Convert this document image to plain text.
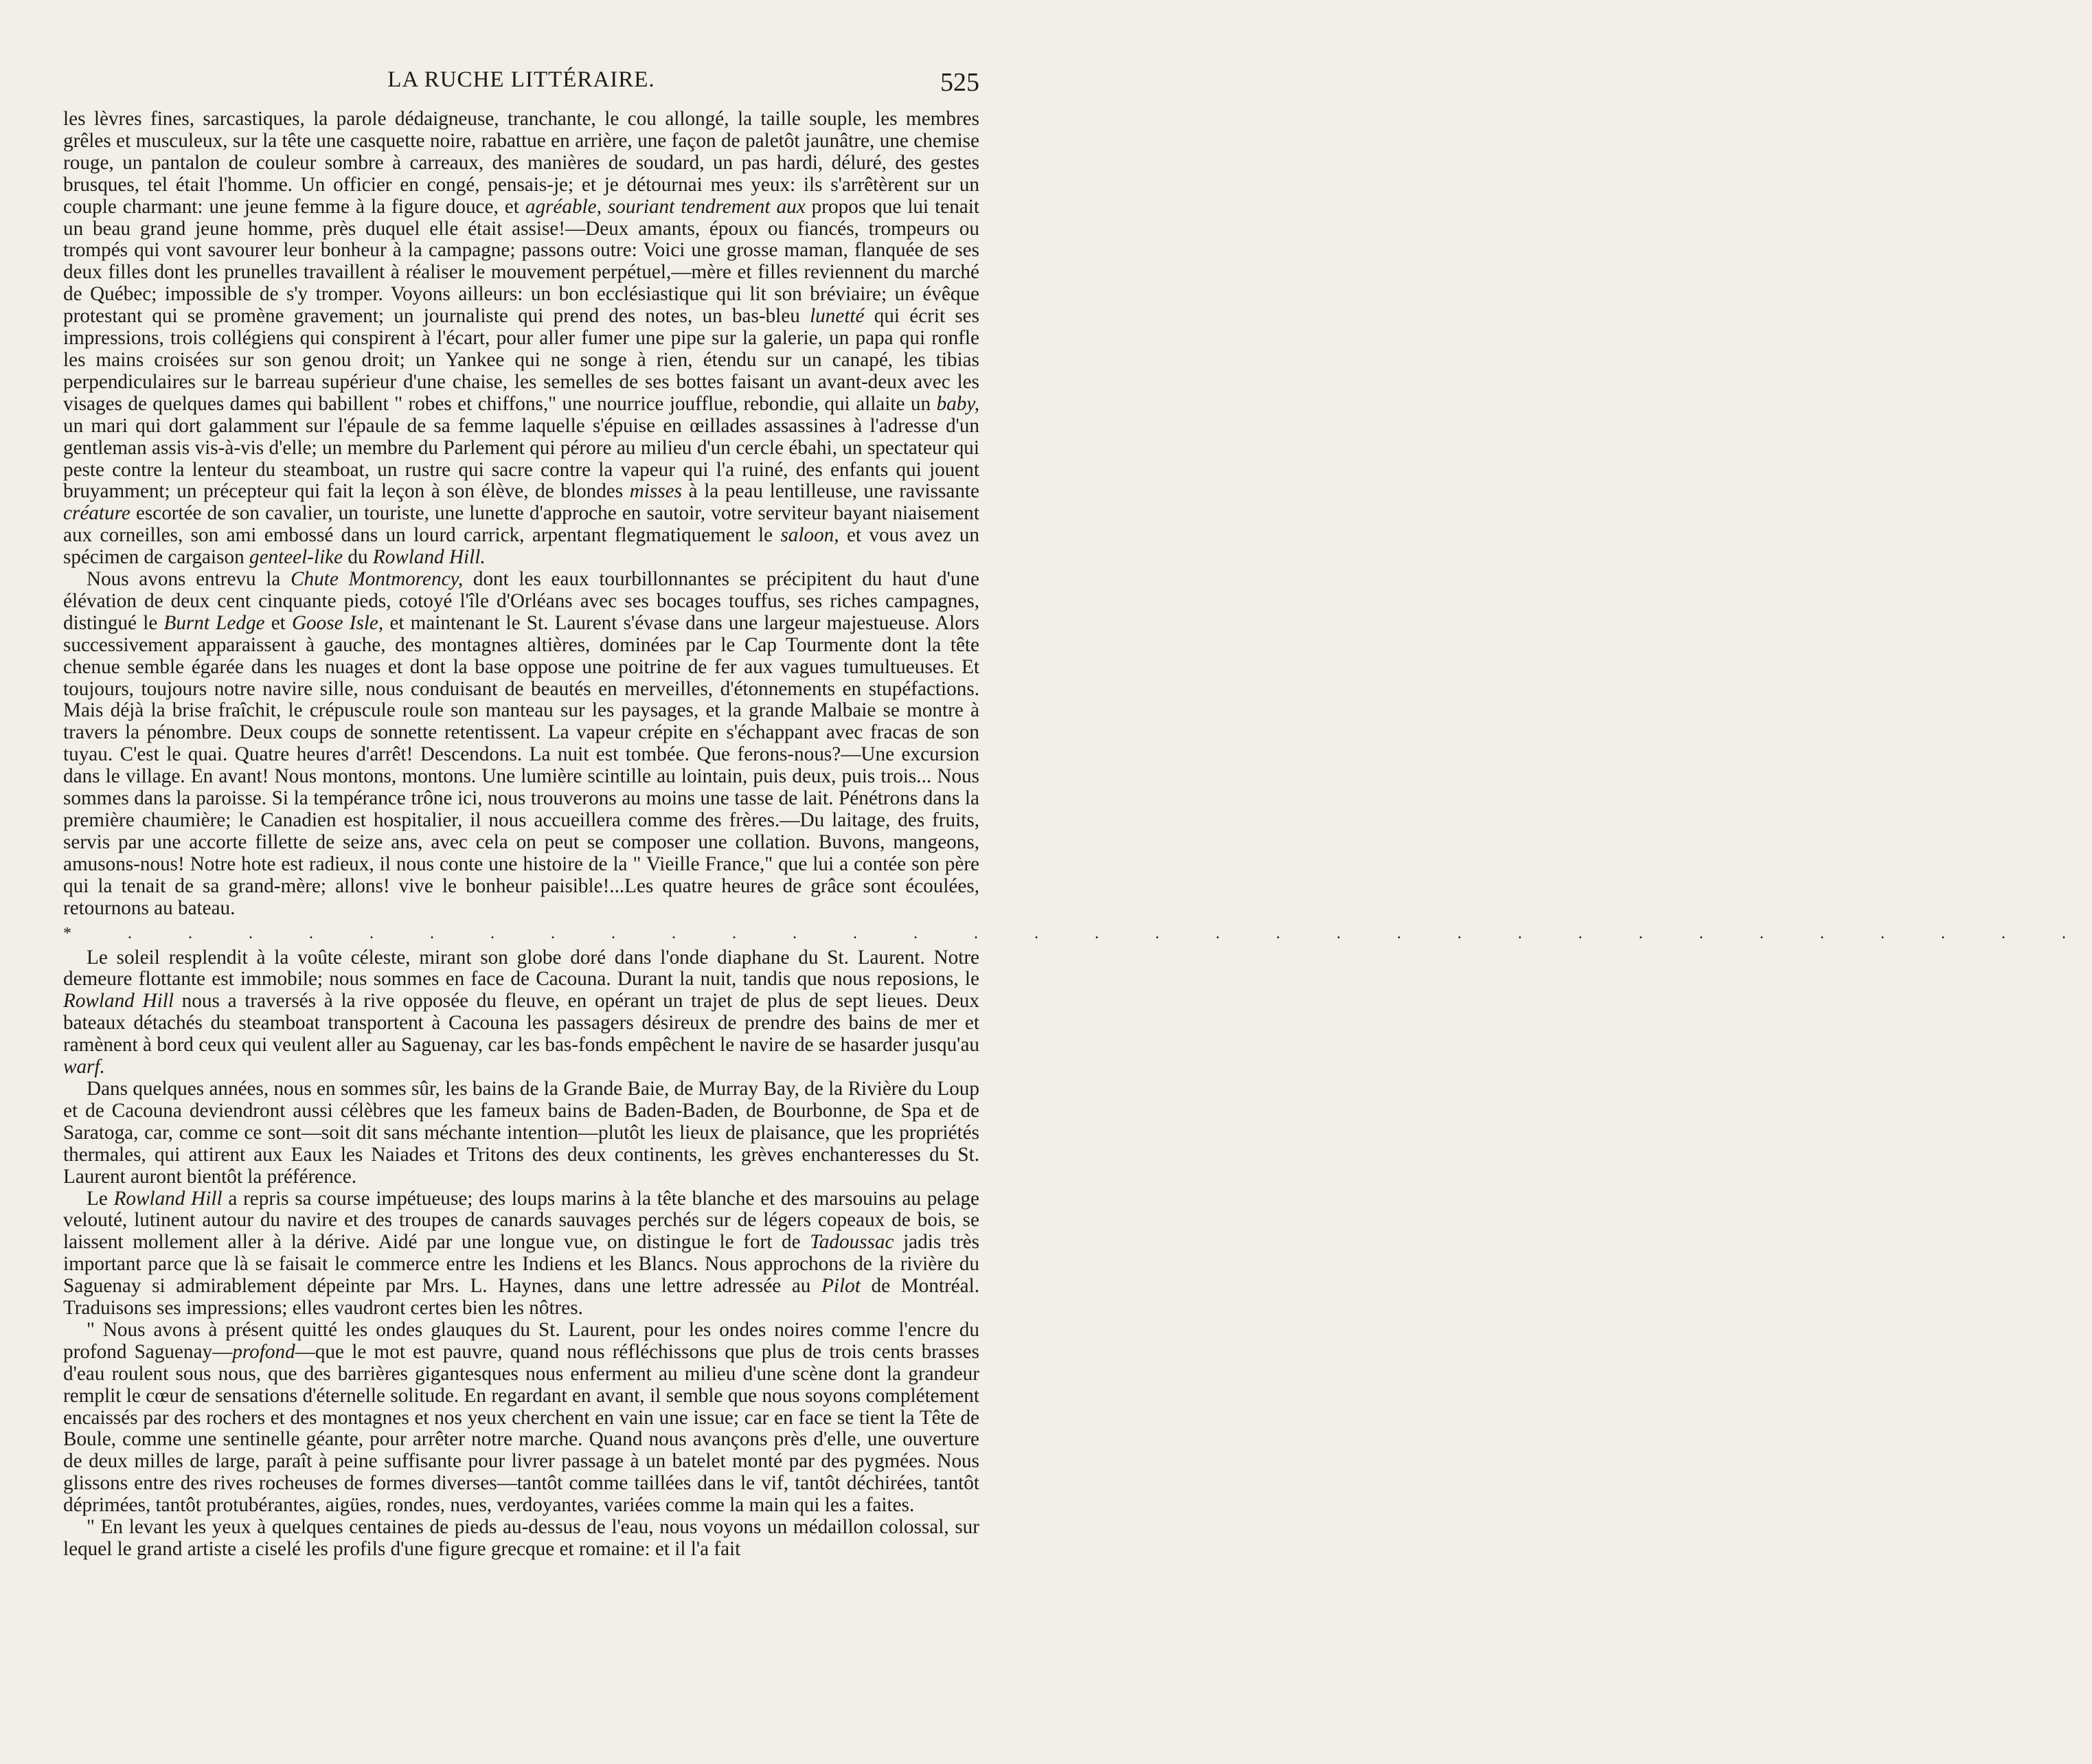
LA RUCHE LITTÉRAIRE.	525

les lèvres fines, sarcastiques, la parole dédaigneuse, tranchante, le cou allongé, la taille souple, les membres grêles et musculeux, sur la tête une casquette noire, rabattue en arrière, une façon de paletôt jaunâtre, une chemise rouge, un pantalon de couleur sombre à carreaux, des manières de soudard, un pas hardi, déluré, des gestes brusques, tel était l'homme. Un officier en congé, pensais-je; et je détournai mes yeux: ils s'arrêtèrent sur un couple charmant: une jeune femme à la figure douce, et agréable, souriant tendrement aux propos que lui tenait un beau grand jeune homme, près duquel elle était assise!—Deux amants, époux ou fiancés, trompeurs ou trompés qui vont savourer leur bonheur à la campagne; passons outre: Voici une grosse maman, flanquée de ses deux filles dont les prunelles travaillent à réaliser le mouvement perpétuel,—mère et filles reviennent du marché de Québec; impossible de s'y tromper. Voyons ailleurs: un bon ecclésiastique qui lit son bréviaire; un évêque protestant qui se promène gravement; un journaliste qui prend des notes, un bas-bleu lunetté qui écrit ses impressions, trois collégiens qui conspirent à l'écart, pour aller fumer une pipe sur la galerie, un papa qui ronfle les mains croisées sur son genou droit; un Yankee qui ne songe à rien, étendu sur un canapé, les tibias perpendiculaires sur le barreau supérieur d'une chaise, les semelles de ses bottes faisant un avant-deux avec les visages de quelques dames qui babillent " robes et chiffons," une nourrice joufflue, rebondie, qui allaite un baby, un mari qui dort galamment sur l'épaule de sa femme laquelle s'épuise en œillades assassines à l'adresse d'un gentleman assis vis-à-vis d'elle; un membre du Parlement qui pérore au milieu d'un cercle ébahi, un spectateur qui peste contre la lenteur du steamboat, un rustre qui sacre contre la vapeur qui l'a ruiné, des enfants qui jouent bruyamment; un précepteur qui fait la leçon à son élève, de blondes misses à la peau lentilleuse, une ravissante créature escortée de son cavalier, un touriste, une lunette d'approche en sautoir, votre serviteur bayant niaisement aux corneilles, son ami embossé dans un lourd carrick, arpentant flegmatiquement le saloon, et vous avez un spécimen de cargaison genteel-like du Rowland Hill.

Nous avons entrevu la Chute Montmorency, dont les eaux tourbillonnantes se précipitent du haut d'une élévation de deux cent cinquante pieds, cotoyé l'île d'Orléans avec ses bocages touffus, ses riches campagnes, distingué le Burnt Ledge et Goose Isle, et maintenant le St. Laurent s'évase dans une largeur majestueuse. Alors successivement apparaissent à gauche, des montagnes altières, dominées par le Cap Tourmente dont la tête chenue semble égarée dans les nuages et dont la base oppose une poitrine de fer aux vagues tumultueuses. Et toujours, toujours notre navire sille, nous conduisant de beautés en merveilles, d'étonnements en stupéfactions. Mais déjà la brise fraîchit, le crépuscule roule son manteau sur les paysages, et la grande Malbaie se montre à travers la pénombre. Deux coups de sonnette retentissent. La vapeur crépite en s'échappant avec fracas de son tuyau. C'est le quai. Quatre heures d'arrêt! Descendons. La nuit est tombée. Que ferons-nous?—Une excursion dans le village. En avant! Nous montons, montons. Une lumière scintille au lointain, puis deux, puis trois... Nous sommes dans la paroisse. Si la tempérance trône ici, nous trouverons au moins une tasse de lait. Pénétrons dans la première chaumière; le Canadien est hospitalier, il nous accueillera comme des frères.—Du laitage, des fruits, servis par une accorte fillette de seize ans, avec cela on peut se composer une collation. Buvons, mangeons, amusons-nous! Notre hote est radieux, il nous conte une histoire de la " Vieille France," que lui a contée son père qui la tenait de sa grand-mère; allons! vive le bonheur paisible!...Les quatre heures de grâce sont écoulées, retournons au bateau.

* . . . . . . . . . . . . . . . . . . . . . . . . . . . . . . . . .

Le soleil resplendit à la voûte céleste, mirant son globe doré dans l'onde diaphane du St. Laurent. Notre demeure flottante est immobile; nous sommes en face de Cacouna. Durant la nuit, tandis que nous reposions, le Rowland Hill nous a traversés à la rive opposée du fleuve, en opérant un trajet de plus de sept lieues. Deux bateaux détachés du steamboat transportent à Cacouna les passagers désireux de prendre des bains de mer et ramènent à bord ceux qui veulent aller au Saguenay, car les bas-fonds empêchent le navire de se hasarder jusqu'au warf.

Dans quelques années, nous en sommes sûr, les bains de la Grande Baie, de Murray Bay, de la Rivière du Loup et de Cacouna deviendront aussi célèbres que les fameux bains de Baden-Baden, de Bourbonne, de Spa et de Saratoga, car, comme ce sont—soit dit sans méchante intention—plutôt les lieux de plaisance, que les propriétés thermales, qui attirent aux Eaux les Naiades et Tritons des deux continents, les grèves enchanteresses du St. Laurent auront bientôt la préférence.

Le Rowland Hill a repris sa course impétueuse; des loups marins à la tête blanche et des marsouins au pelage velouté, lutinent autour du navire et des troupes de canards sauvages perchés sur de légers copeaux de bois, se laissent mollement aller à la dérive. Aidé par une longue vue, on distingue le fort de Tadoussac jadis très important parce que là se faisait le commerce entre les Indiens et les Blancs. Nous approchons de la rivière du Saguenay si admirablement dépeinte par Mrs. L. Haynes, dans une lettre adressée au Pilot de Montréal. Traduisons ses impressions; elles vaudront certes bien les nôtres.

" Nous avons à présent quitté les ondes glauques du St. Laurent, pour les ondes noires comme l'encre du profond Saguenay—profond—que le mot est pauvre, quand nous réfléchissons que plus de trois cents brasses d'eau roulent sous nous, que des barrières gigantesques nous enferment au milieu d'une scène dont la grandeur remplit le cœur de sensations d'éternelle solitude. En regardant en avant, il semble que nous soyons complétement encaissés par des rochers et des montagnes et nos yeux cherchent en vain une issue; car en face se tient la Tête de Boule, comme une sentinelle géante, pour arrêter notre marche. Quand nous avançons près d'elle, une ouverture de deux milles de large, paraît à peine suffisante pour livrer passage à un batelet monté par des pygmées. Nous glissons entre des rives rocheuses de formes diverses—tantôt comme taillées dans le vif, tantôt déchirées, tantôt déprimées, tantôt protubérantes, aigües, rondes, nues, verdoyantes, variées comme la main qui les a faites.

" En levant les yeux à quelques centaines de pieds au-dessus de l'eau, nous voyons un médaillon colossal, sur lequel le grand artiste a ciselé les profils d'une figure grecque et romaine: et il l'a fait
